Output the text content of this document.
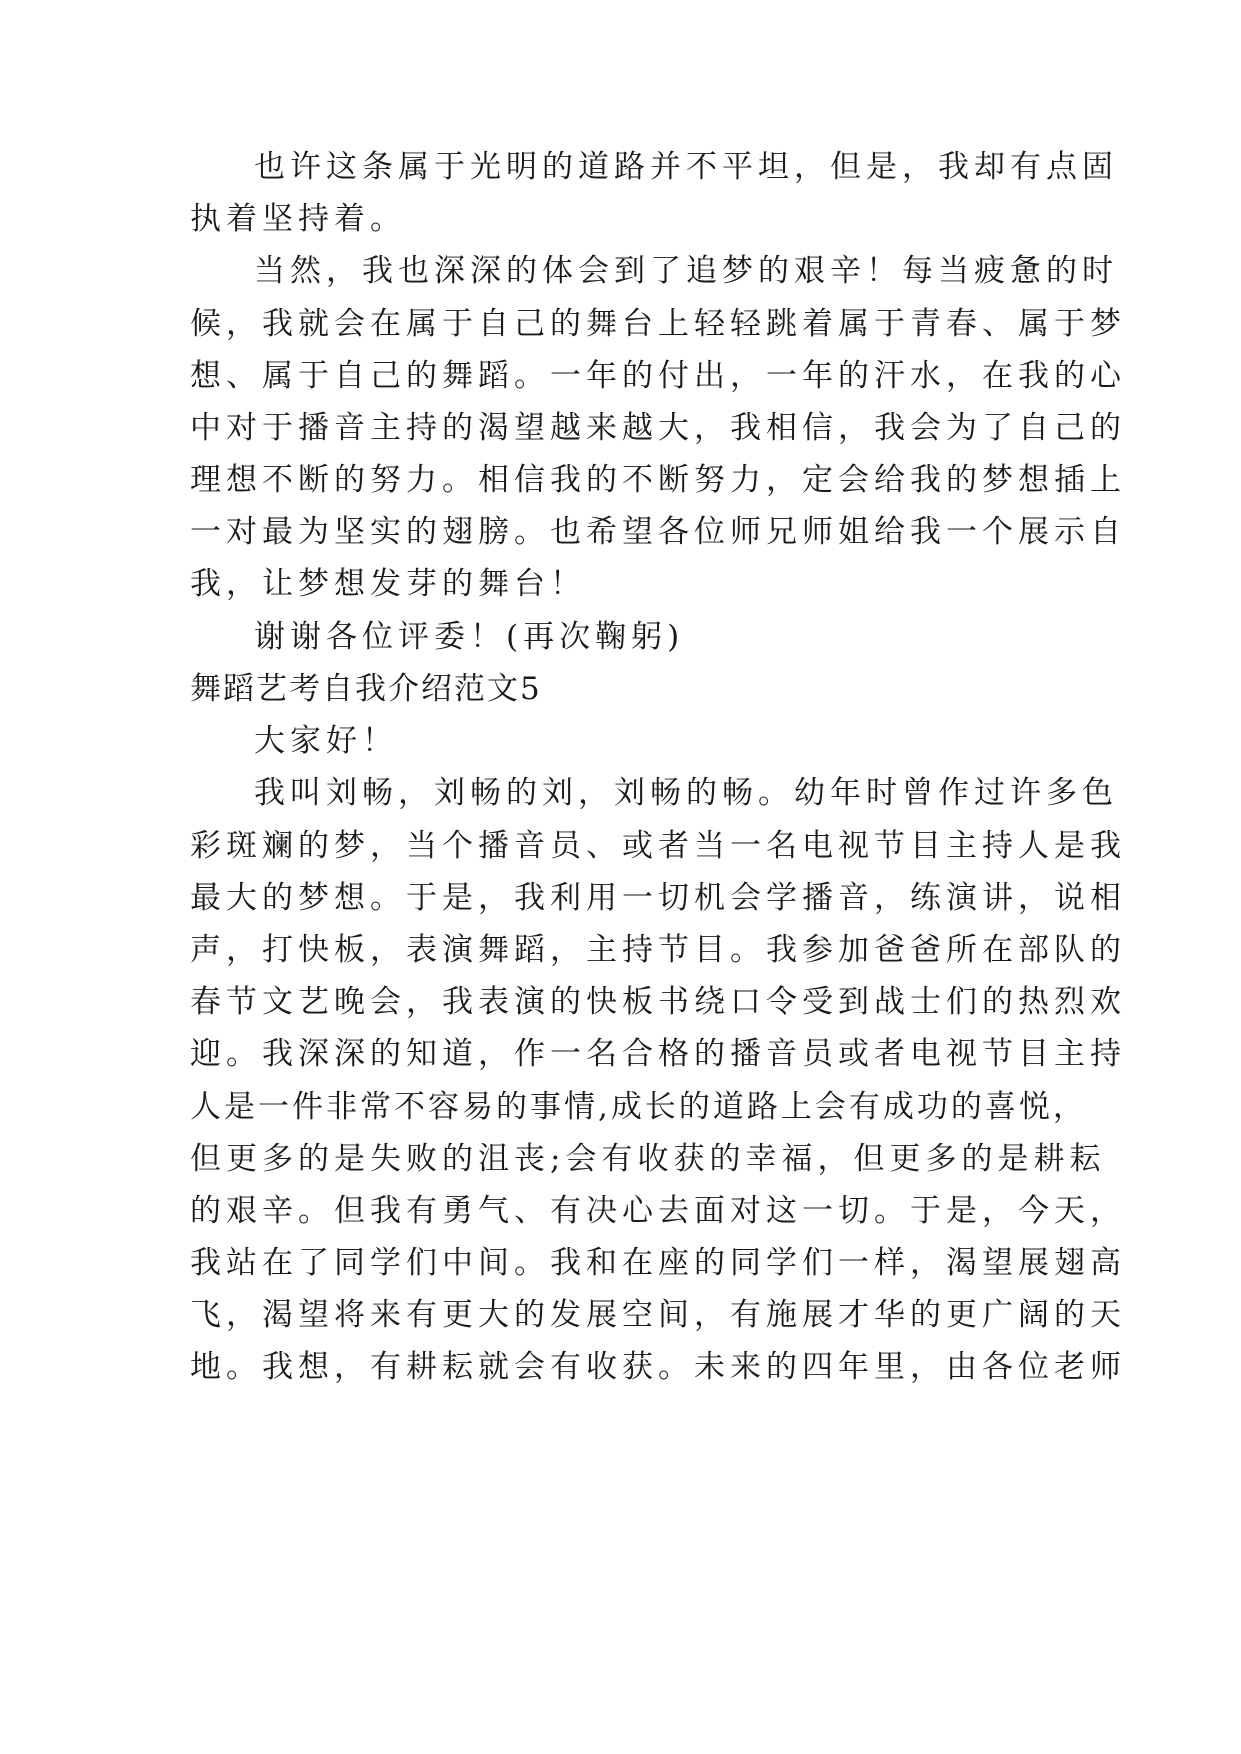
也许这条属于光明的道路并不平坦，但是，我却有点固
执着坚持着。
当然，我也深深的体会到了追梦的艰辛！每当疲惫的时
候，我就会在属于自己的舞台上轻轻跳着属于青春、属于梦
想、属于自己的舞蹈。一年的付出，一年的汗水，在我的心
中对于播音主持的渴望越来越大，我相信，我会为了自己的
理想不断的努力。相信我的不断努力，定会给我的梦想插上
一对最为坚实的翅膀。也希望各位师兄师姐给我一个展示自
我，让梦想发芽的舞台！
谢谢各位评委！(再次鞠躬)
舞蹈艺考自我介绍范文5
大家好！
我叫刘畅，刘畅的刘，刘畅的畅。幼年时曾作过许多色
彩斑斓的梦，当个播音员、或者当一名电视节目主持人是我
最大的梦想。于是，我利用一切机会学播音，练演讲，说相
声，打快板，表演舞蹈，主持节目。我参加爸爸所在部队的
春节文艺晚会，我表演的快板书绕口令受到战士们的热烈欢
迎。我深深的知道，作一名合格的播音员或者电视节目主持
人是一件非常不容易的事情,成长的道路上会有成功的喜悦，
但更多的是失败的沮丧;会有收获的幸福，但更多的是耕耘
的艰辛。但我有勇气、有决心去面对这一切。于是，今天，
我站在了同学们中间。我和在座的同学们一样，渴望展翅高
飞，渴望将来有更大的发展空间，有施展才华的更广阔的天
地。我想，有耕耘就会有收获。未来的四年里，由各位老师
